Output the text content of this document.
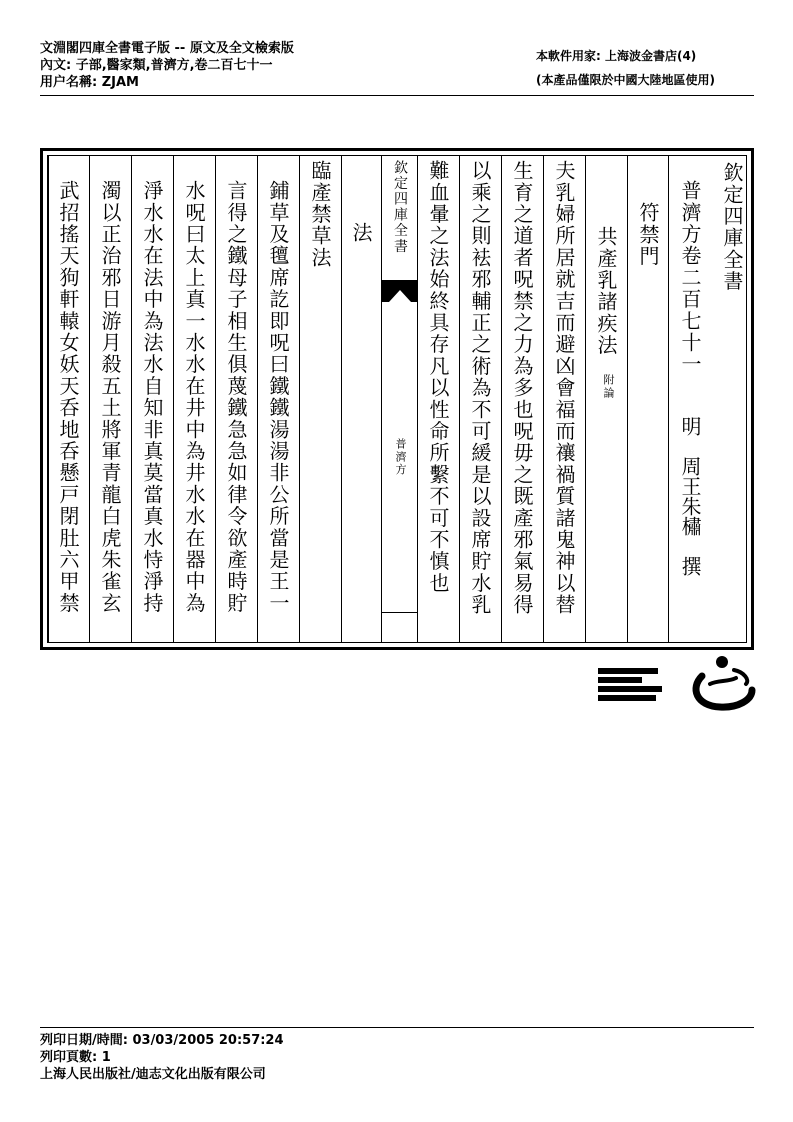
文淵閣四庫全書電子版 -- 原文及全文檢索版
內文: 子部,醫家類,普濟方,卷二百七十一
用户名稱: ZJAM
本軟件用家: 上海波金書店(4)
(本產品僅限於中國大陸地區使用)
欽定四庫全書
普濟方卷二百七十一
明　周王朱橚　撰
符禁門
共產乳諸疾法
附論
夫乳婦所居就吉而避凶會福而禳禍質諸鬼神以替
生育之道者呪禁之力為多也呪毋之既產邪氣易得
以乘之則袪邪輔正之術為不可緩是以設席貯水乳
難血暈之法始終具存凡以性命所繫不可不慎也
欽定四庫全書
普濟方
法
臨產禁草法
鋪草及氊席訖即呪曰鐵鐵湯湯非公所當是王一
言得之鐵母子相生俱蔑鐵急急如律令欲產時貯
水呪曰太上真一水水在井中為井水水在器中為
淨水水在法中為法水自知非真莫當真水恃淨持
濁以正治邪日游月殺五土將軍青龍白虎朱雀玄
武招搖天狗軒轅女妖天呑地呑懸戸閉肚六甲禁
列印日期/時間: 03/03/2005 20:57:24
列印頁數: 1
上海人民出版社/迪志文化出版有限公司
